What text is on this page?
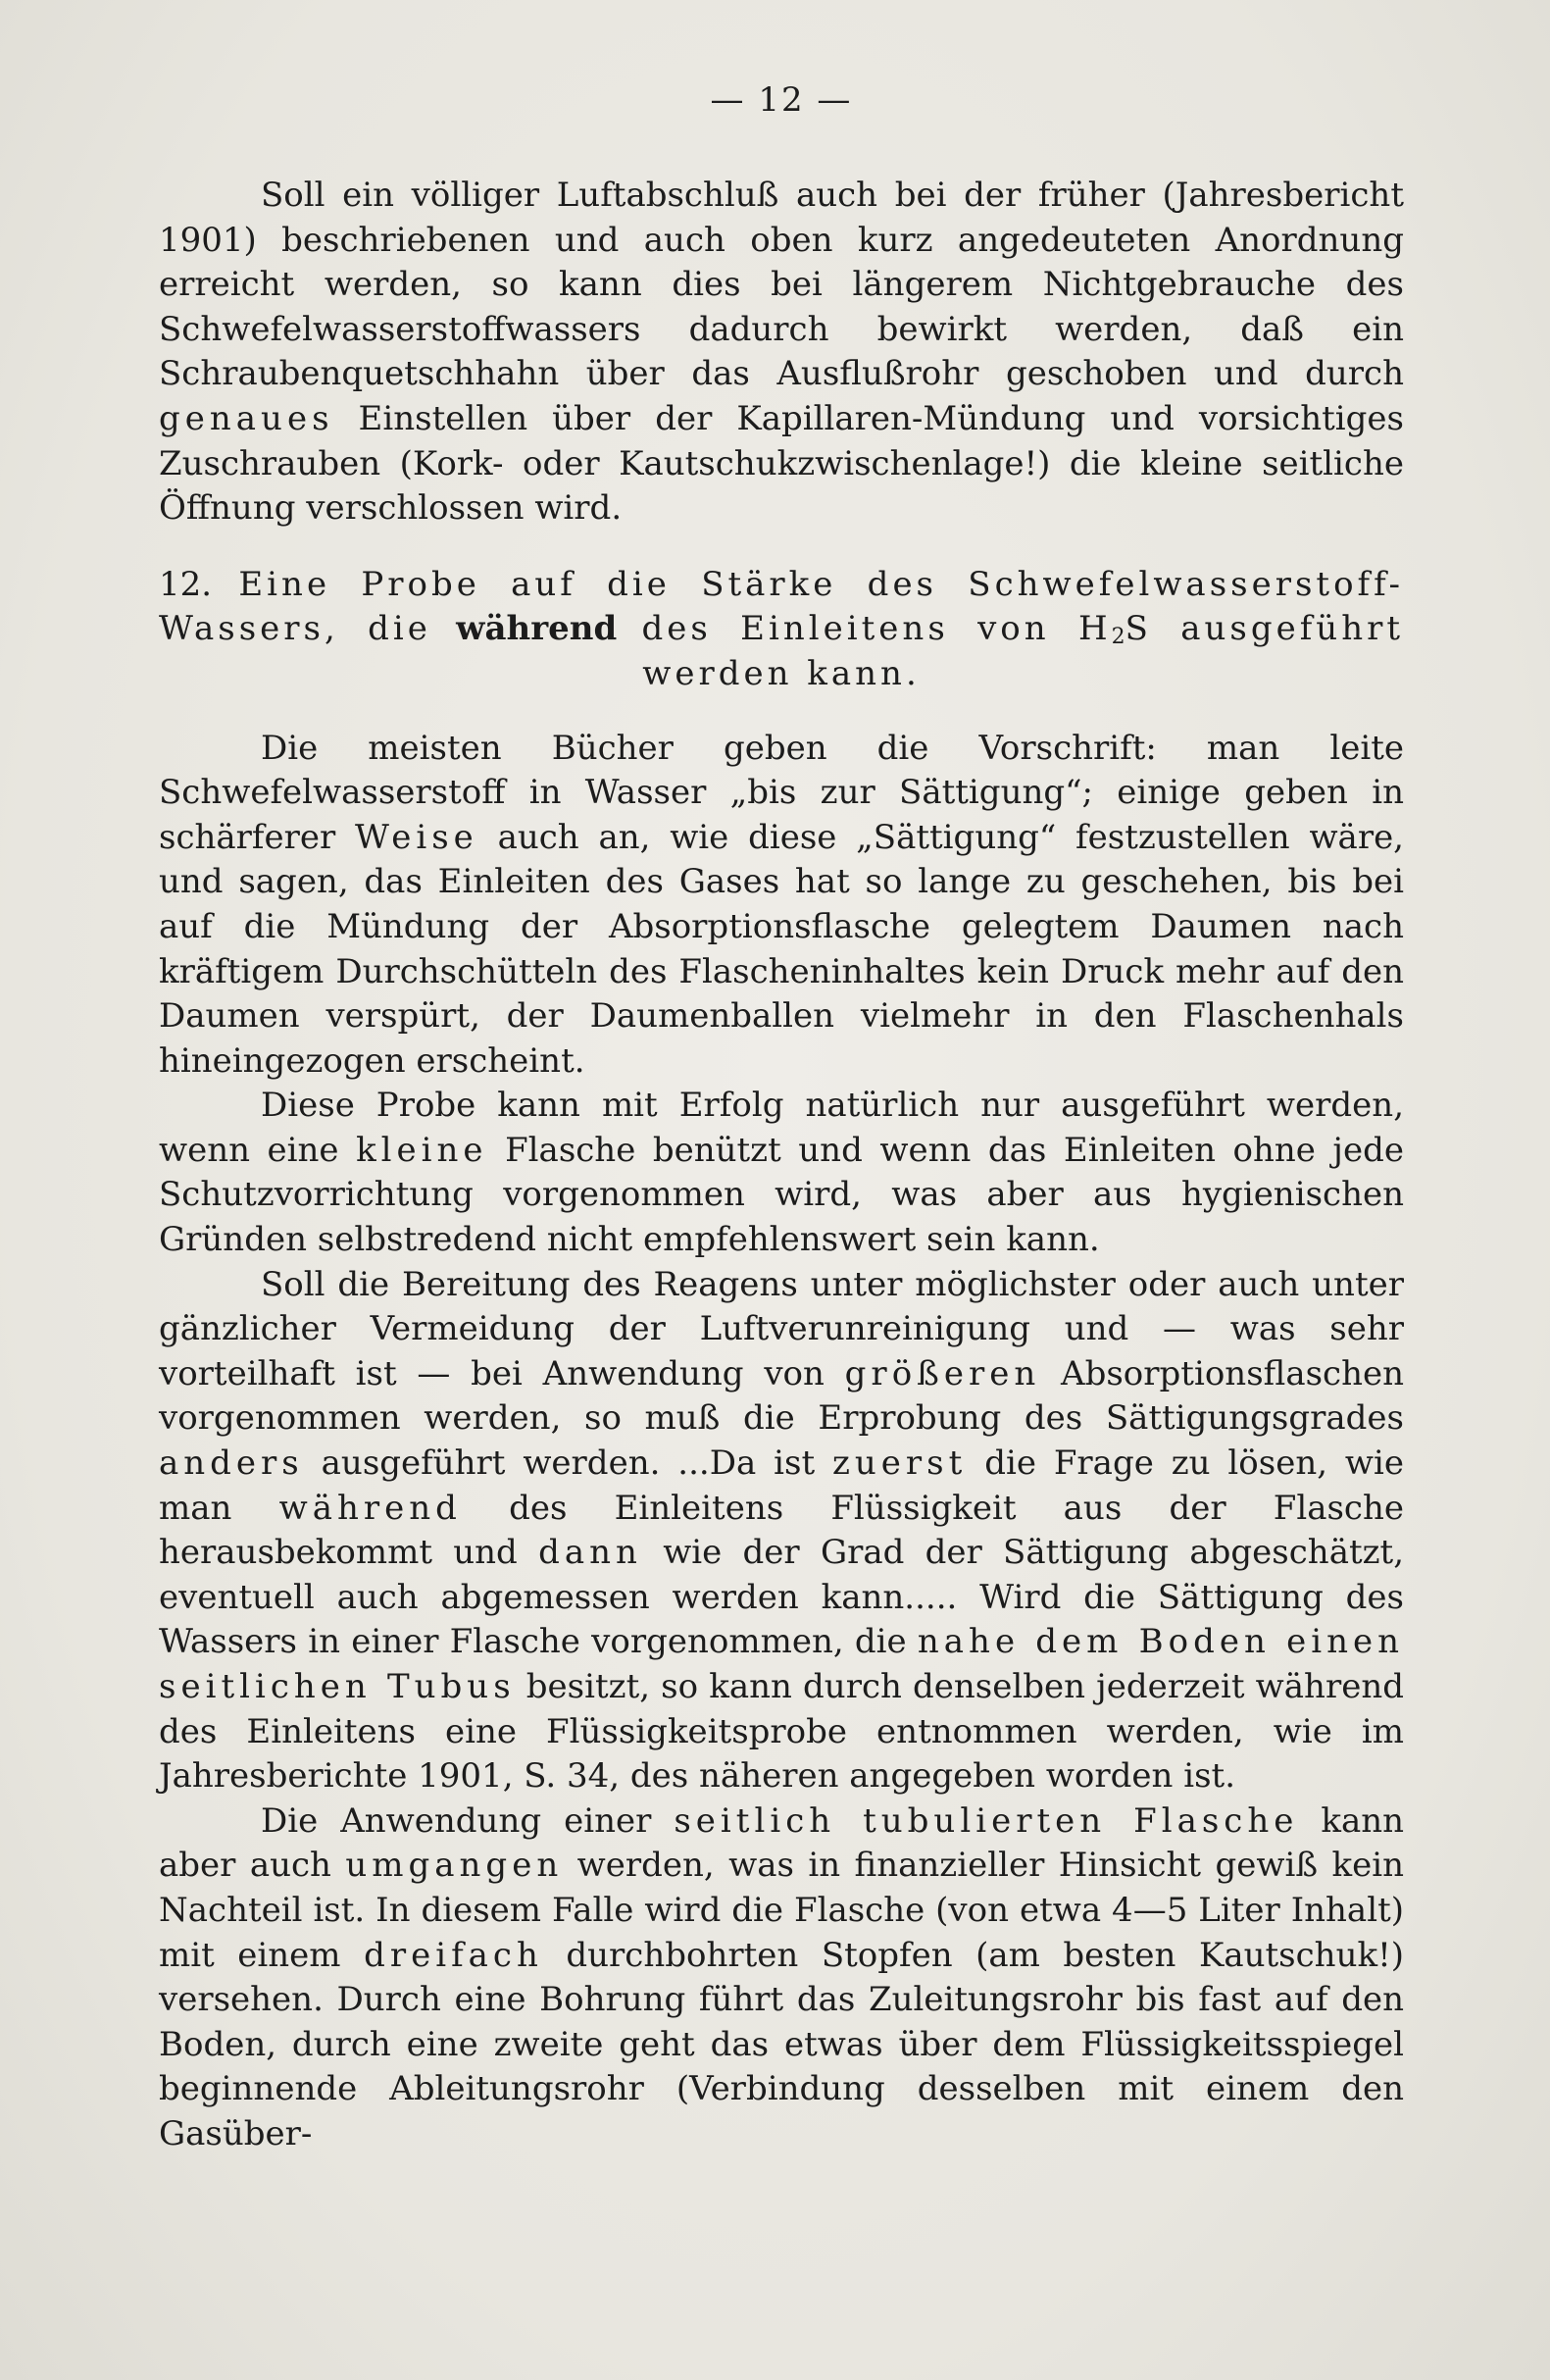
— 12 —

Soll ein völliger Luftabschluß auch bei der früher (Jahresbericht 1901) beschriebenen und auch oben kurz angedeuteten Anordnung erreicht werden, so kann dies bei längerem Nichtgebrauche des Schwefelwasserstoffwassers dadurch bewirkt werden, daß ein Schraubenquetschhahn über das Ausflußrohr geschoben und durch genaues Einstellen über der Kapillaren-Mündung und vorsichtiges Zuschrauben (Kork- oder Kautschukzwischenlage!) die kleine seitliche Öffnung verschlossen wird.

12. Eine Probe auf die Stärke des Schwefelwasserstoff-Wassers, die während des Einleitens von $H_2S$ ausgeführt werden kann.

Die meisten Bücher geben die Vorschrift: man leite Schwefelwasserstoff in Wasser „bis zur Sättigung“; einige geben in schärferer Weise auch an, wie diese „Sättigung“ festzustellen wäre, und sagen, das Einleiten des Gases hat so lange zu geschehen, bis bei auf die Mündung der Absorptionsflasche gelegtem Daumen nach kräftigem Durchschütteln des Flascheninhaltes kein Druck mehr auf den Daumen verspürt, der Daumenballen vielmehr in den Flaschenhals hineingezogen erscheint.

Diese Probe kann mit Erfolg natürlich nur ausgeführt werden, wenn eine kleine Flasche benützt und wenn das Einleiten ohne jede Schutzvorrichtung vorgenommen wird, was aber aus hygienischen Gründen selbstredend nicht empfehlenswert sein kann.

Soll die Bereitung des Reagens unter möglichster oder auch unter gänzlicher Vermeidung der Luftverunreinigung und — was sehr vorteilhaft ist — bei Anwendung von größeren Absorptionsflaschen vorgenommen werden, so muß die Erprobung des Sättigungsgrades anders ausgeführt werden. ...Da ist zuerst die Frage zu lösen, wie man während des Einleitens Flüssigkeit aus der Flasche herausbekommt und dann wie der Grad der Sättigung abgeschätzt, eventuell auch abgemessen werden kann..... Wird die Sättigung des Wassers in einer Flasche vorgenommen, die nahe dem Boden einen seitlichen Tubus besitzt, so kann durch denselben jederzeit während des Einleitens eine Flüssigkeitsprobe entnommen werden, wie im Jahresberichte 1901, S. 34, des näheren angegeben worden ist.

Die Anwendung einer seitlich tubulierten Flasche kann aber auch umgangen werden, was in finanzieller Hinsicht gewiß kein Nachteil ist. In diesem Falle wird die Flasche (von etwa 4—5 Liter Inhalt) mit einem dreifach durchbohrten Stopfen (am besten Kautschuk!) versehen. Durch eine Bohrung führt das Zuleitungsrohr bis fast auf den Boden, durch eine zweite geht das etwas über dem Flüssigkeitsspiegel beginnende Ableitungsrohr (Verbindung desselben mit einem den Gasüber-
